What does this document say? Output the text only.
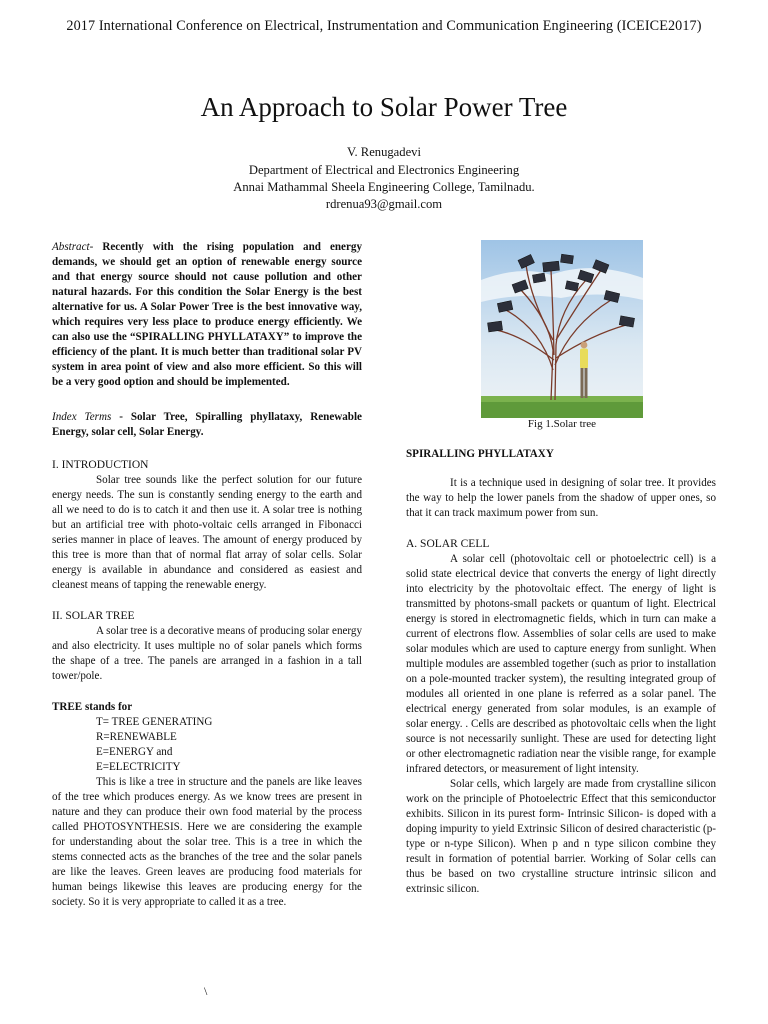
2017 International Conference on Electrical, Instrumentation and Communication Engineering (ICEICE2017)
An Approach to Solar Power Tree
V. Renugadevi
Department of Electrical and Electronics Engineering
Annai Mathammal Sheela Engineering College, Tamilnadu.
rdrenua93@gmail.com

Abstract- Recently with the rising population and energy demands, we should get an option of renewable energy source and that energy source should not cause pollution and other natural hazards. For this condition the Solar Energy is the best alternative for us. A Solar Power Tree is the best innovative way, which requires very less place to produce energy efficiently. We can also use the “SPIRALLING PHYLLATAXY” to improve the efficiency of the plant. It is much better than traditional solar PV system in area point of view and also more efficient. So this will be a very good option and should be implemented.

Index Terms - Solar Tree, Spiralling phyllataxy, Renewable Energy, solar cell, Solar Energy.

I. INTRODUCTION

Solar tree sounds like the perfect solution for our future energy needs. The sun is constantly sending energy to the earth and all we need to do is to catch it and then use it. A solar tree is nothing but an artificial tree with photo-voltaic cells arranged in Fibonacci series manner in place of leaves. The amount of energy produced by this tree is more than that of normal flat array of solar cells. Solar energy is available in abundance and considered as easiest and cleanest means of tapping the renewable energy.

II. SOLAR TREE

A solar tree is a decorative means of producing solar energy and also electricity. It uses multiple no of solar panels which forms the shape of a tree. The panels are arranged in a fashion in a tall tower/pole.

TREE stands for

T= TREE GENERATING
R=RENEWABLE
E=ENERGY and
E=ELECTRICITY

This is like a tree in structure and the panels are like leaves of the tree which produces energy. As we know trees are present in nature and they can produce their own food material by the process called PHOTOSYNTHESIS. Here we are considering the example for understanding about the solar tree. This is a tree in which the stems connected acts as the branches of the tree and the solar panels are like the leaves. Green leaves are producing food materials for human beings likewise this leaves are producing energy for the society. So it is very appropriate to called it as a tree.

Fig 1.Solar tree

SPIRALLING PHYLLATAXY

It is a technique used in designing of solar tree. It provides the way to help the lower panels from the shadow of upper ones, so that it can track maximum power from sun.

A. SOLAR CELL

A solar cell (photovoltaic cell or photoelectric cell) is a solid state electrical device that converts the energy of light directly into electricity by the photovoltaic effect. The energy of light is transmitted by photons-small packets or quantum of light. Electrical energy is stored in electromagnetic fields, which in turn can make a current of electrons flow. Assemblies of solar cells are used to make solar modules which are used to capture energy from sunlight. When multiple modules are assembled together (such as prior to installation on a pole-mounted tracker system), the resulting integrated group of modules all oriented in one plane is referred as a solar panel. The electrical energy generated from solar modules, is an example of solar energy. . Cells are described as photovoltaic cells when the light source is not necessarily sunlight. These are used for detecting light or other electromagnetic radiation near the visible range, for example infrared detectors, or measurement of light intensity.

Solar cells, which largely are made from crystalline silicon work on the principle of Photoelectric Effect that this semiconductor exhibits. Silicon in its purest form- Intrinsic Silicon- is doped with a doping impurity to yield Extrinsic Silicon of desired characteristic (p-type or n-type Silicon). When p and n type silicon combine they result in formation of potential barrier. Working of Solar cells can thus be based on two crystalline structure intrinsic silicon and extrinsic silicon.

\
